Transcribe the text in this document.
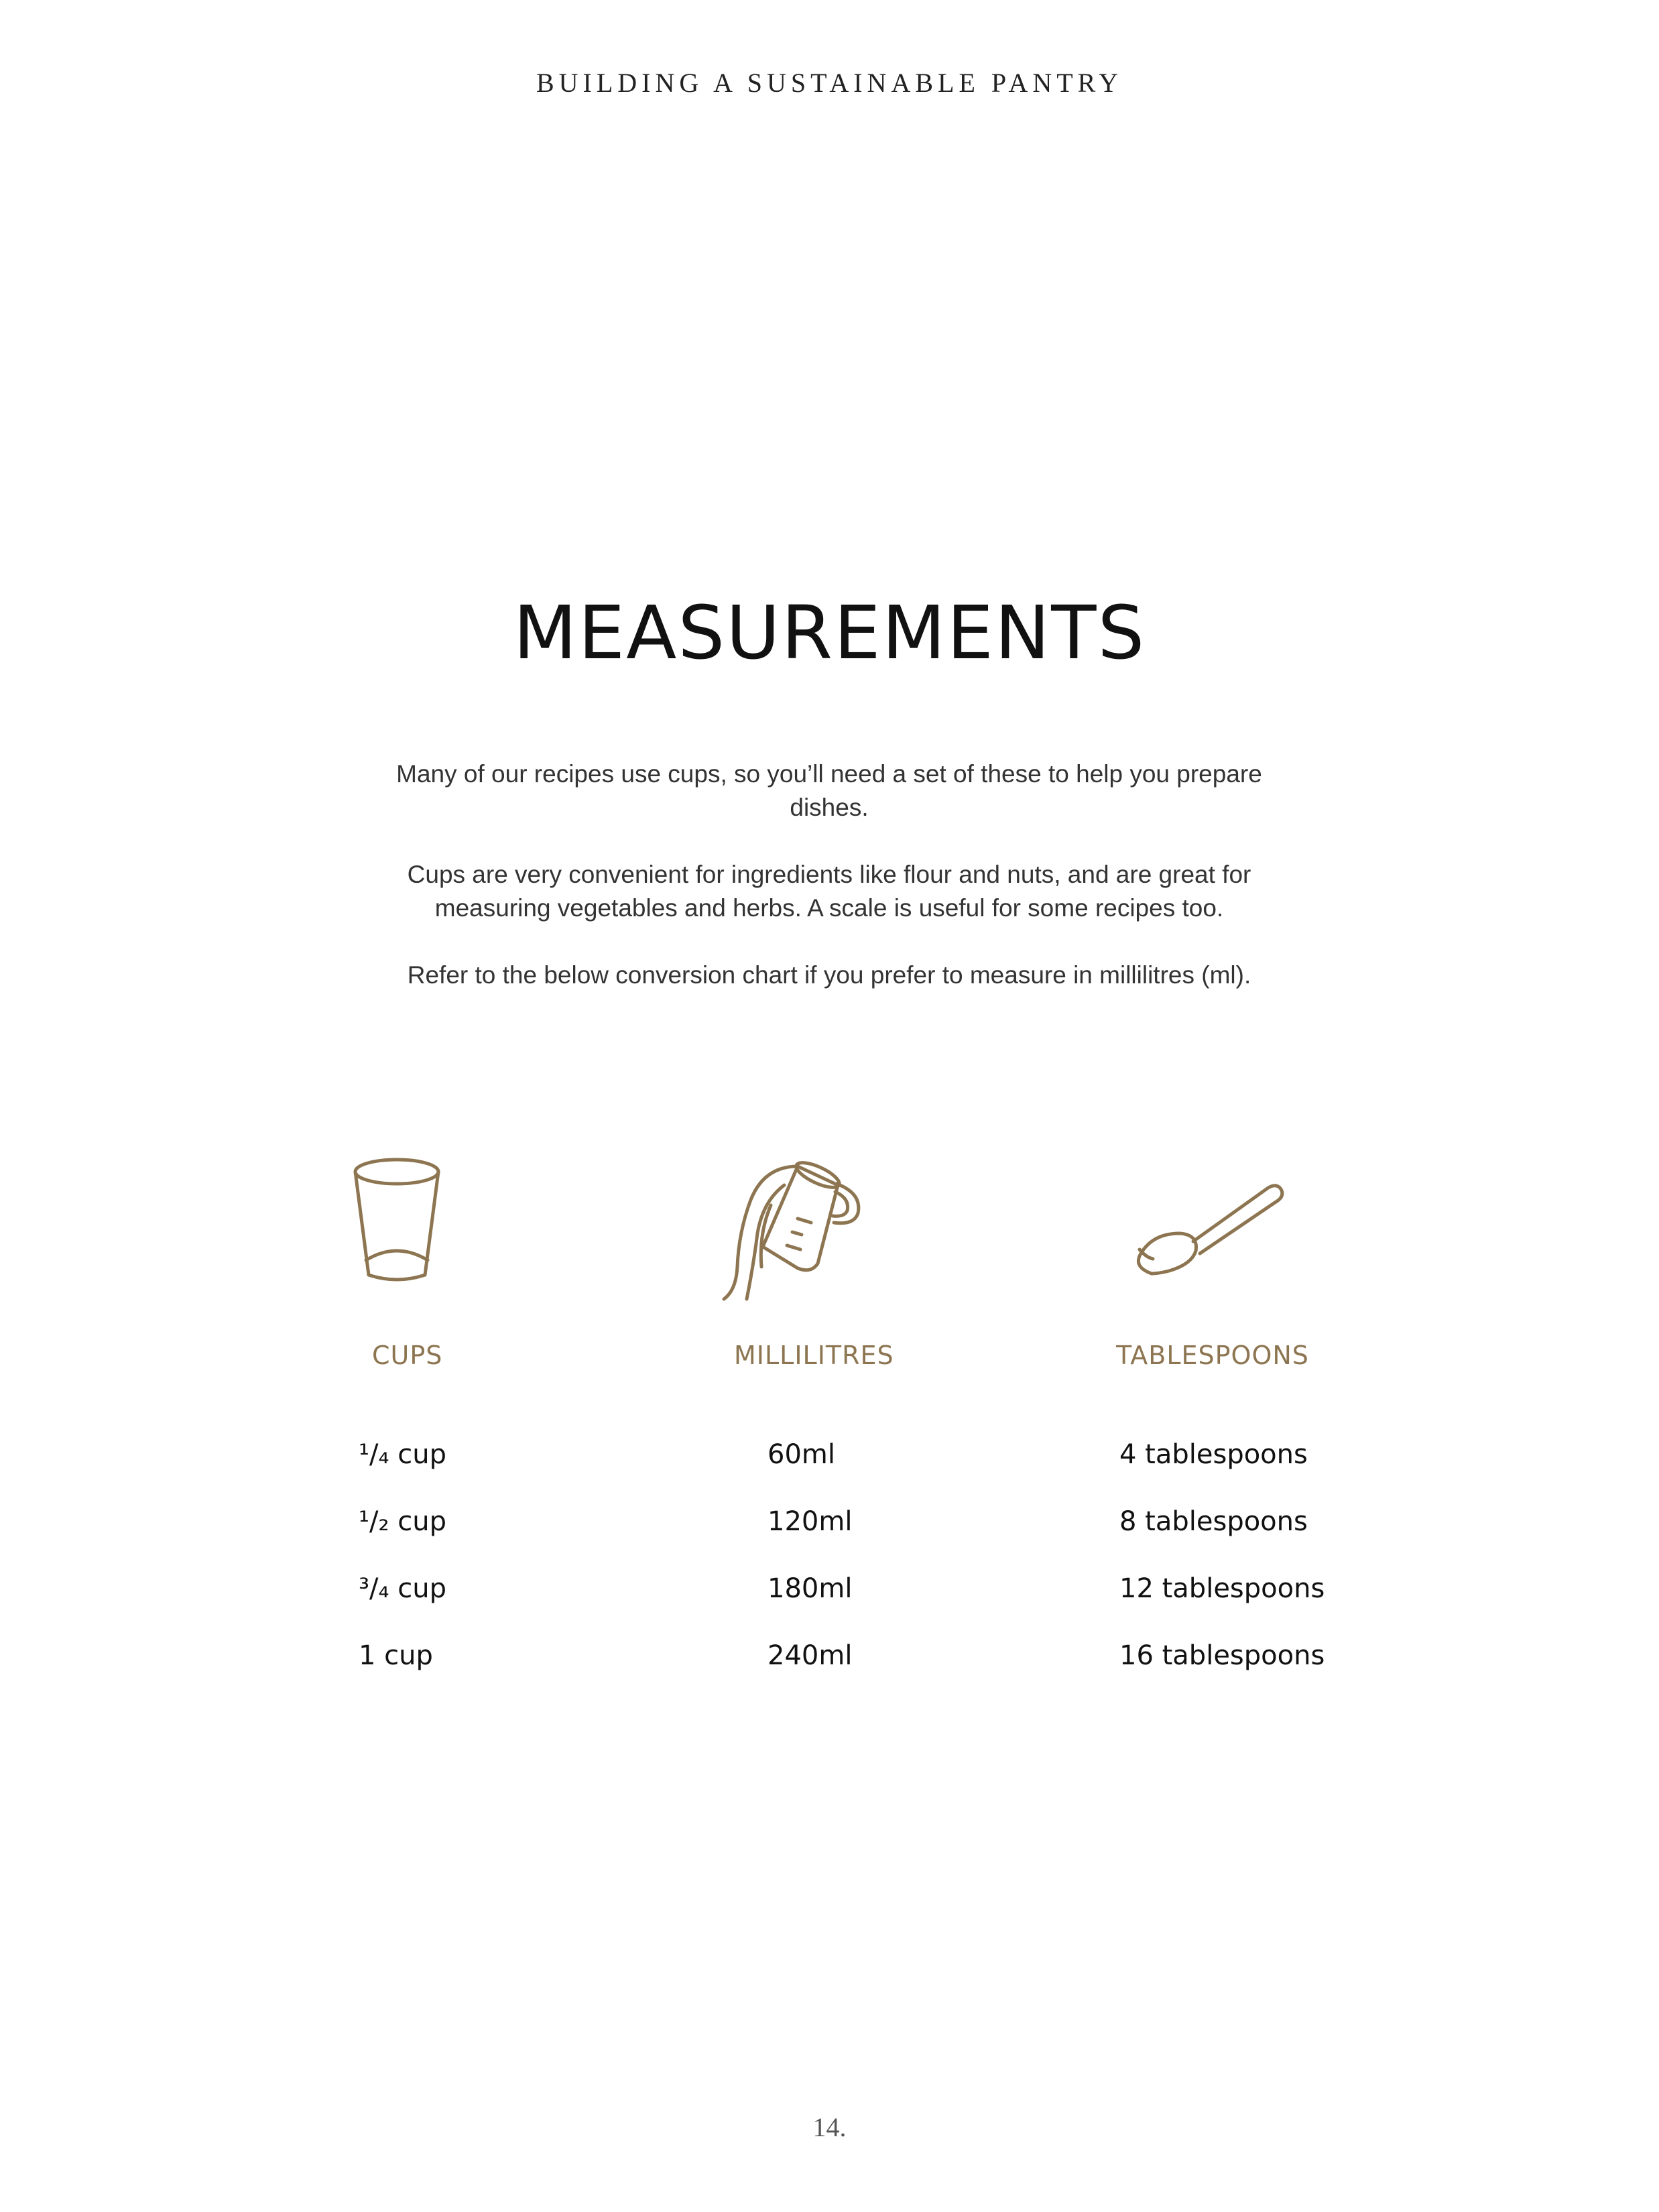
BUILDING A SUSTAINABLE PANTRY
MEASUREMENTS

Many of our recipes use cups, so you’ll need a set of these to help you prepare dishes.

Cups are very convenient for ingredients like flour and nuts, and are great for measuring vegetables and herbs. A scale is useful for some recipes too.

Refer to the below conversion chart if you prefer to measure in millilitres (ml).

CUPS
¹/₄ cup
¹/₂ cup
³/₄ cup
1 cup
MILLILITRES
60ml
120ml
180ml
240ml
TABLESPOONS
4 tablespoons
8 tablespoons
12 tablespoons
16 tablespoons
14.
